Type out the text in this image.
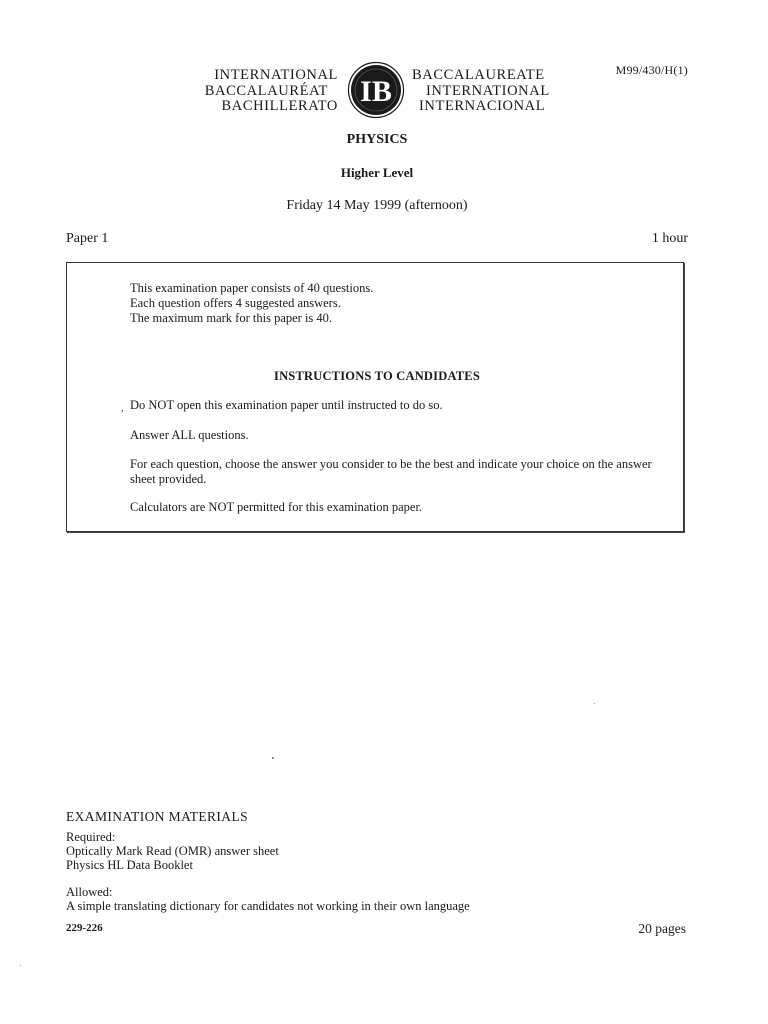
M99/430/H(1)
INTERNATIONAL
BACCALAURÉAT
BACHILLERATO IB BACCALAUREATE
INTERNATIONAL
INTERNACIONAL
PHYSICS
Higher Level
Friday 14 May 1999 (afternoon)
Paper 1	1 hour
This examination paper consists of 40 questions.
Each question offers 4 suggested answers.
The maximum mark for this paper is 40.
INSTRUCTIONS TO CANDIDATES
, Do NOT open this examination paper until instructed to do so.
Answer ALL questions.
For each question, choose the answer you consider to be the best and indicate your choice on the answer sheet provided.
Calculators are NOT permitted for this examination paper.
EXAMINATION MATERIALS
Required:
Optically Mark Read (OMR) answer sheet
Physics HL Data Booklet
Allowed:
A simple translating dictionary for candidates not working in their own language
229-226	20 pages
